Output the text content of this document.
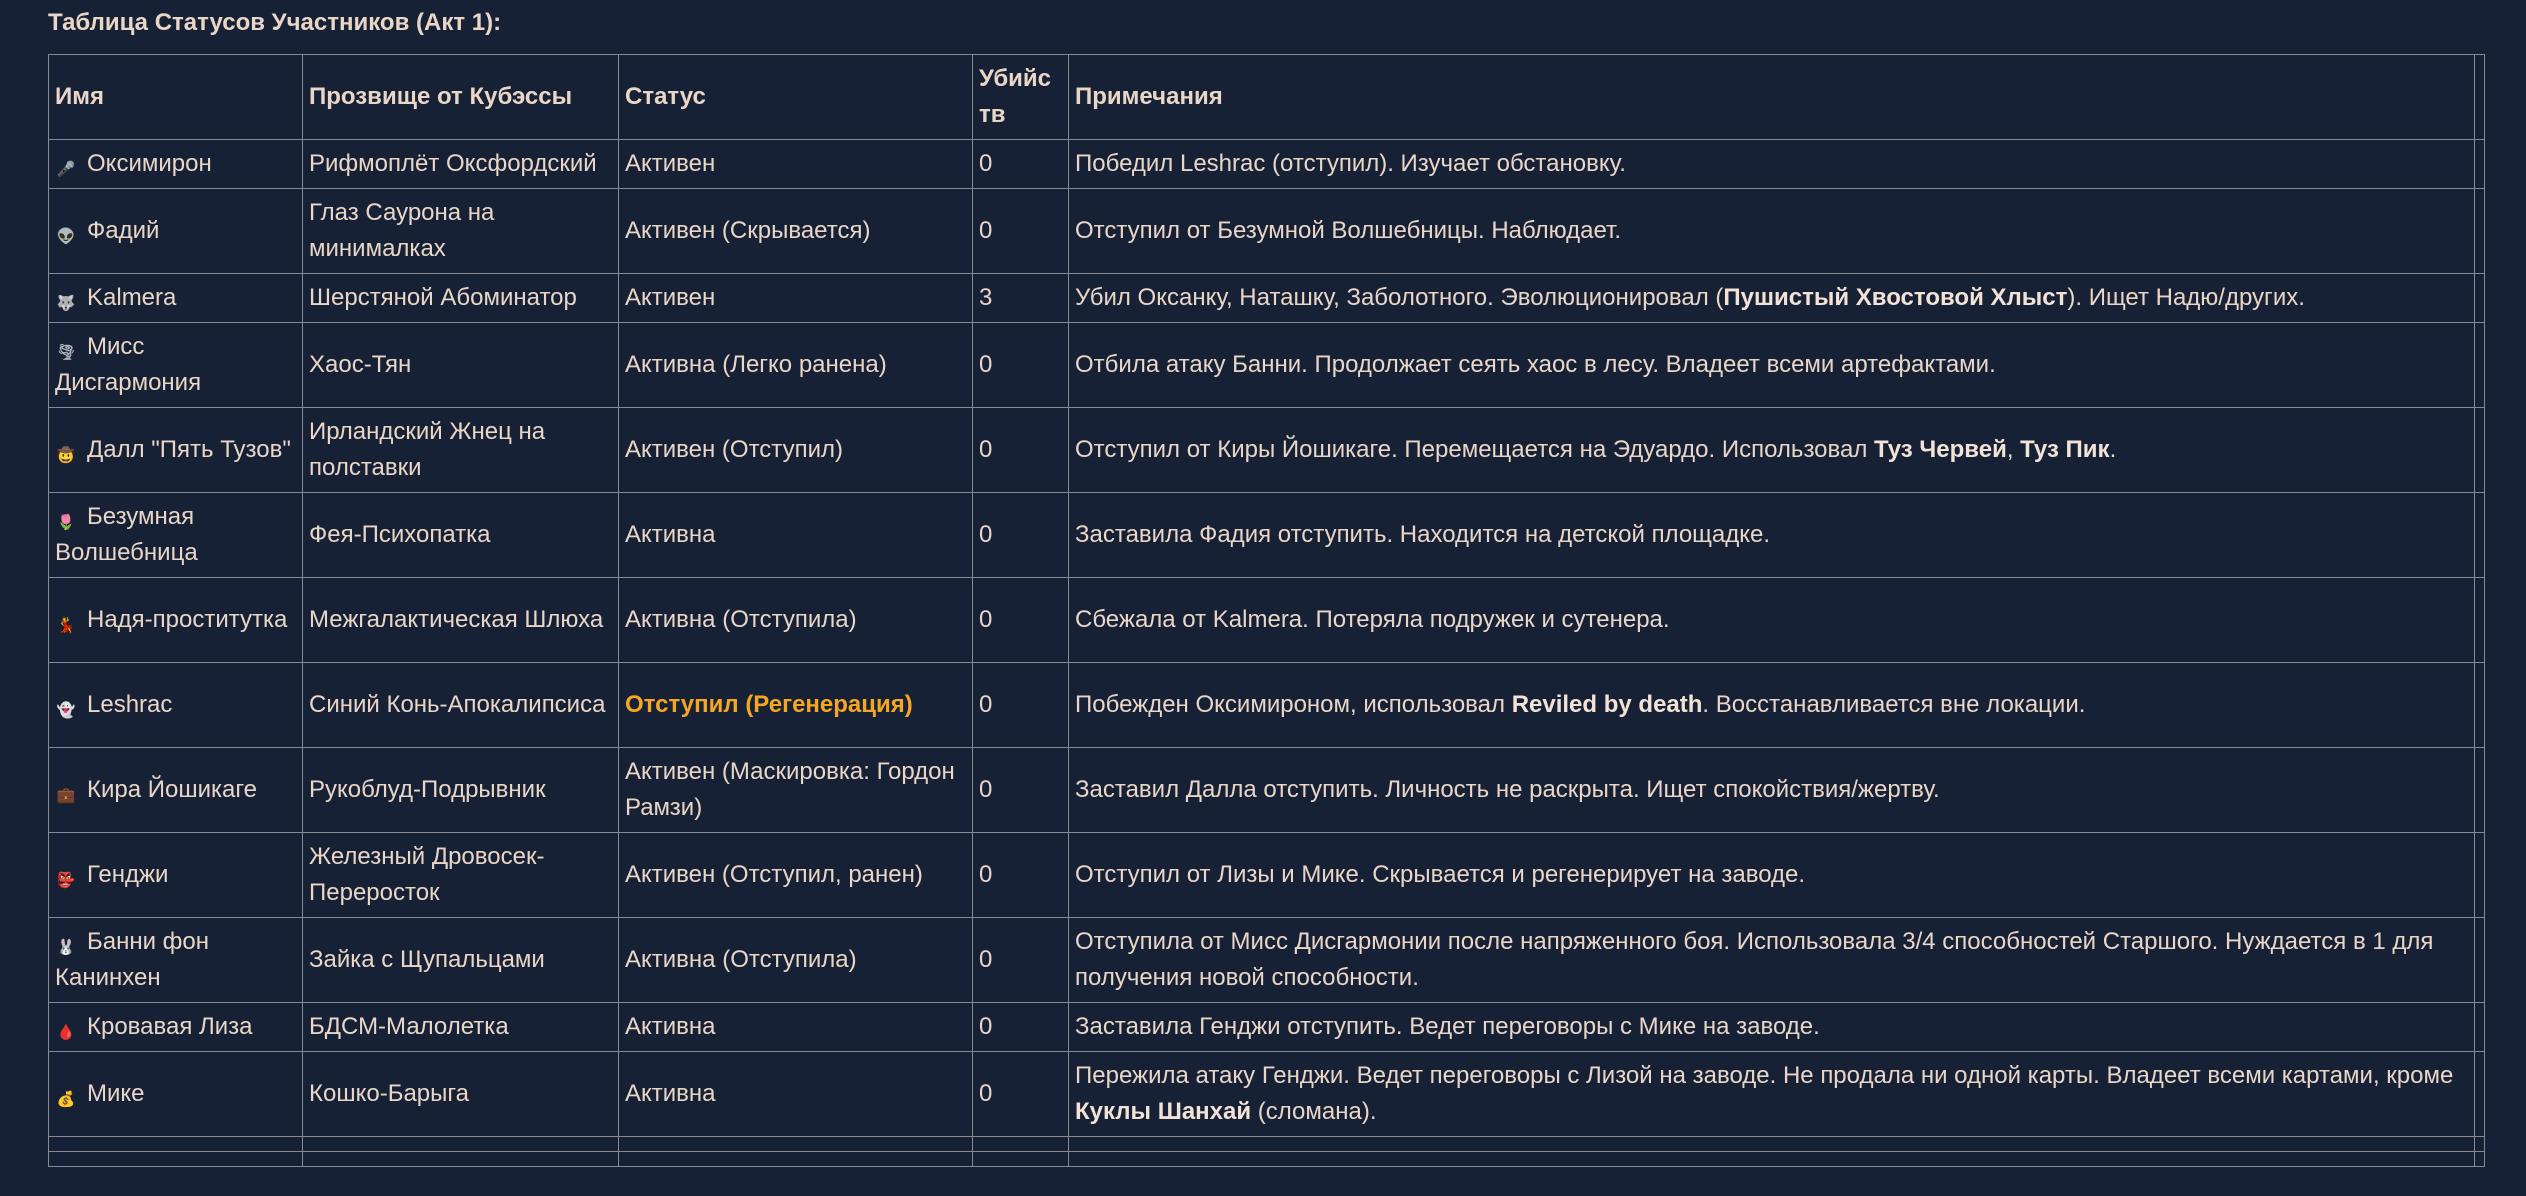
Таблица Статусов Участников (Акт 1):
Имя	Прозвище от Кубэссы	Статус	Убийс тв	Примечания	
🎤 Оксимирон	Рифмоплёт Оксфордский	Активен	0	Победил Leshrac (отступил). Изучает обстановку.	
👽 Фадий	Глаз Саурона на минималках	Активен (Скрывается)	0	Отступил от Безумной Волшебницы. Наблюдает.	
🐺 Kalmera	Шерстяной Абоминатор	Активен	3	Убил Оксанку, Наташку, Заболотного. Эволюционировал (Пушистый Хвостовой Хлыст). Ищет Надю/других.	
🌪 Мисс Дисгармония	Хаос-Тян	Активна (Легко ранена)	0	Отбила атаку Банни. Продолжает сеять хаос в лесу. Владеет всеми артефактами.	
🤠 Далл "Пять Тузов"	Ирландский Жнец на полставки	Активен (Отступил)	0	Отступил от Киры Йошикаге. Перемещается на Эдуардо. Использовал Туз Червей, Туз Пик.	
🌷 Безумная Волшебница	Фея-Психопатка	Активна	0	Заставила Фадия отступить. Находится на детской площадке.	
💃 Надя-проститутка	Межгалактическая Шлюха	Активна (Отступила)	0	Сбежала от Kalmera. Потеряла подружек и сутенера.	
👻 Leshrac	Синий Конь-Апокалипсиса	Отступил (Регенерация)	0	Побежден Оксимироном, использовал Reviled by death. Восстанавливается вне локации.	
💼 Кира Йошикаге	Рукоблуд-Подрывник	Активен (Маскировка: Гордон Рамзи)	0	Заставил Далла отступить. Личность не раскрыта. Ищет спокойствия/жертву.	
👺 Генджи	Железный Дровосек-Переросток	Активен (Отступил, ранен)	0	Отступил от Лизы и Мике. Скрывается и регенерирует на заводе.	
🐰 Банни фон Канинхен	Зайка с Щупальцами	Активна (Отступила)	0	Отступила от Мисс Дисгармонии после напряженного боя. Использовала 3/4 способностей Старшого. Нуждается в 1 для получения новой способности.	
🩸 Кровавая Лиза	БДСМ-Малолетка	Активна	0	Заставила Генджи отступить. Ведет переговоры с Мике на заводе.	
💰 Мике	Кошко-Барыга	Активна	0	Пережила атаку Генджи. Ведет переговоры с Лизой на заводе. Не продала ни одной карты. Владеет всеми картами, кроме Куклы Шанхай (сломана).	
